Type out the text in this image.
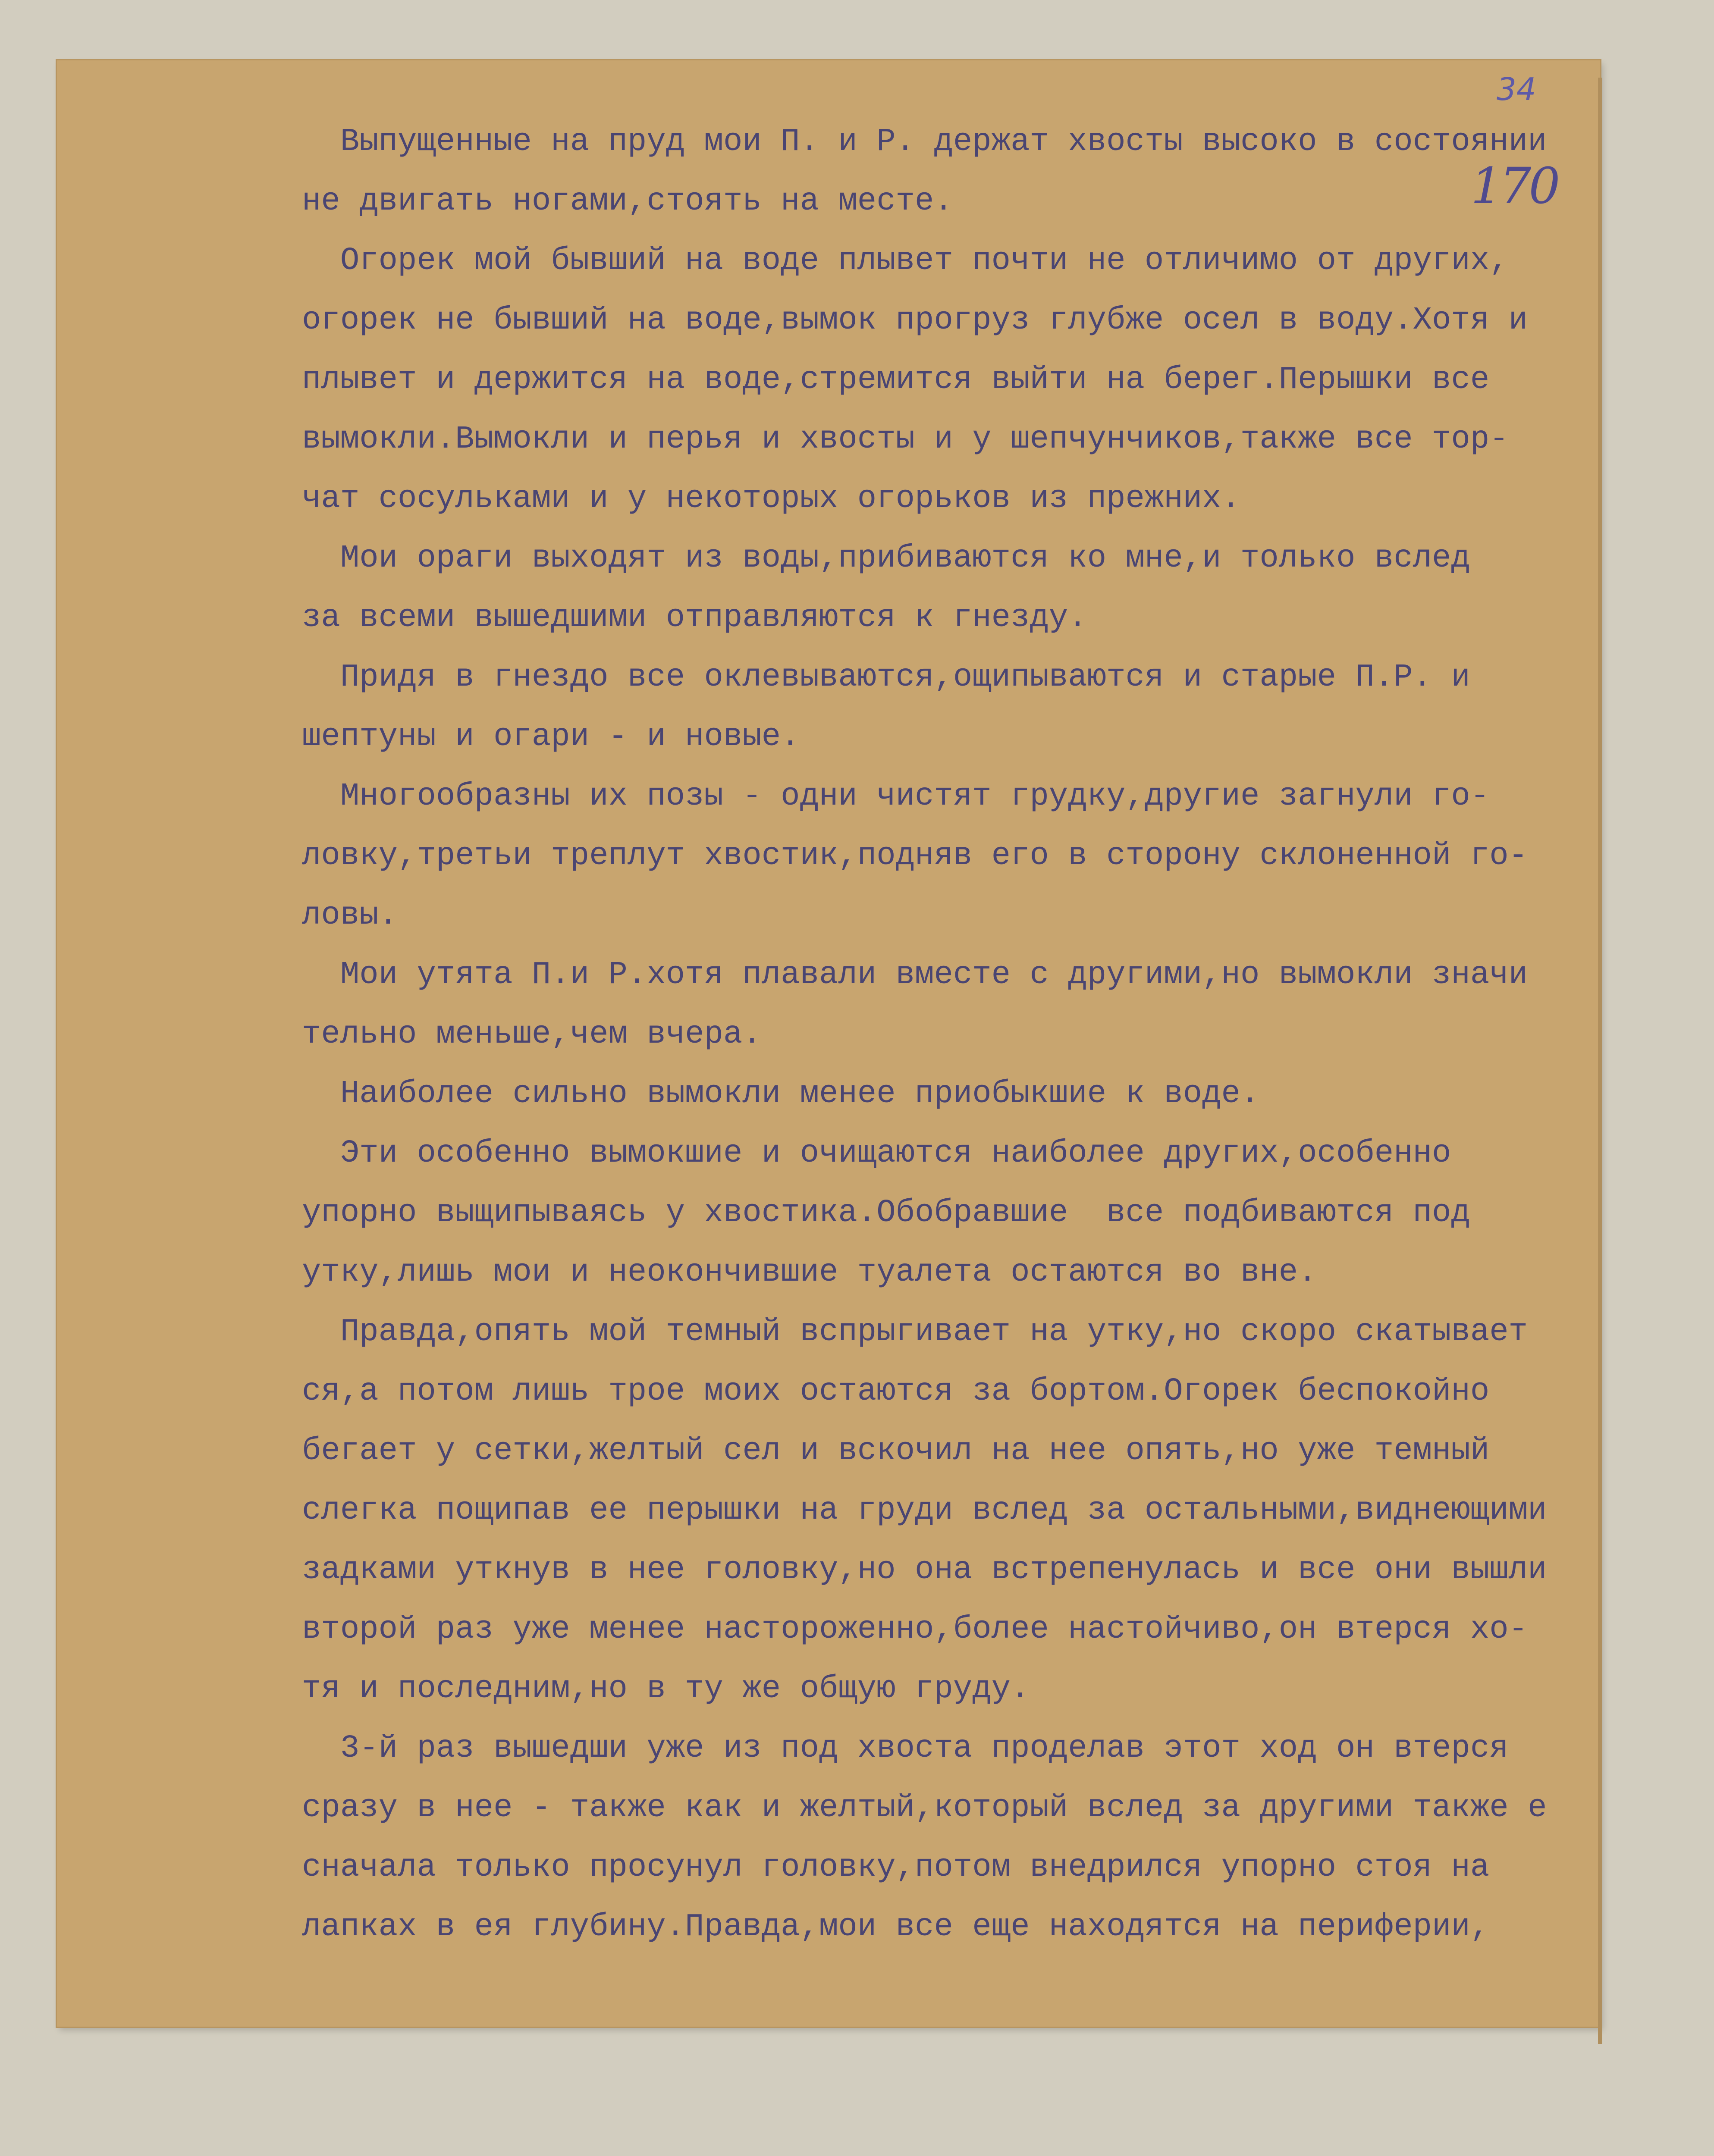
34
170
Выпущенные на пруд мои П. и Р. держат хвосты высоко в состоянии
не двигать ногами,стоять на месте.
Огорек мой бывший на воде плывет почти не отличимо от других,
огорек не бывший на воде,вымок прогруз глубже осел в воду.Хотя и
плывет и держится на воде,стремится выйти на берег.Перышки все
вымокли.Вымокли и перья и хвосты и у шепчунчиков,также все тор-
чат сосульками и у некоторых огорьков из прежних.
Мои ораги выходят из воды,прибиваются ко мне,и только вслед
за всеми вышедшими отправляются к гнезду.
Придя в гнездо все оклевываются,ощипываются и старые П.Р. и
шептуны и огари - и новые.
Многообразны их позы - одни чистят грудку,другие загнули го-
ловку,третьи треплут хвостик,подняв его в сторону склоненной го-
ловы.
Мои утята П.и Р.хотя плавали вместе с другими,но вымокли значи
тельно меньше,чем вчера.
Наиболее сильно вымокли менее приобыкшие к воде.
Эти особенно вымокшие и очищаются наиболее других,особенно
упорно выщипываясь у хвостика.Обобравшие  все подбиваются под
утку,лишь мои и неокончившие туалета остаются во вне.
Правда,опять мой темный вспрыгивает на утку,но скоро скатывает
ся,а потом лишь трое моих остаются за бортом.Огорек беспокойно
бегает у сетки,желтый сел и вскочил на нее опять,но уже темный
слегка пощипав ее перышки на груди вслед за остальными,виднеющими
задками уткнув в нее головку,но она встрепенулась и все они вышли
второй раз уже менее настороженно,более настойчиво,он втерся хо-
тя и последним,но в ту же общую груду.
3-й раз вышедши уже из под хвоста проделав этот ход он втерся
сразу в нее - также как и желтый,который вслед за другими также е
сначала только просунул головку,потом внедрился упорно стоя на
лапках в ея глубину.Правда,мои все еще находятся на периферии,
